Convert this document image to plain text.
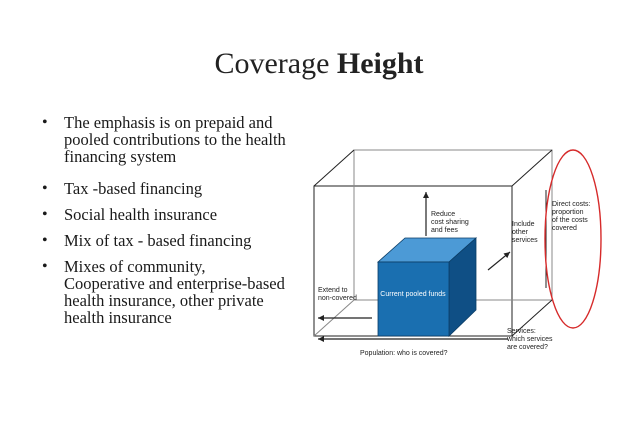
Coverage Height
• The emphasis is on prepaid and pooled contributions to the health financing system
• Tax -based financing
• Social health insurance
• Mix of tax - based financing
• Mixes of community, Cooperative and enterprise-based health insurance, other private health insurance
Current pooled funds
Reduce cost sharing and fees
Include other services
Direct costs: proportion of the costs covered
Extend to non-covered
Services: which services are covered?
Population: who is covered?
